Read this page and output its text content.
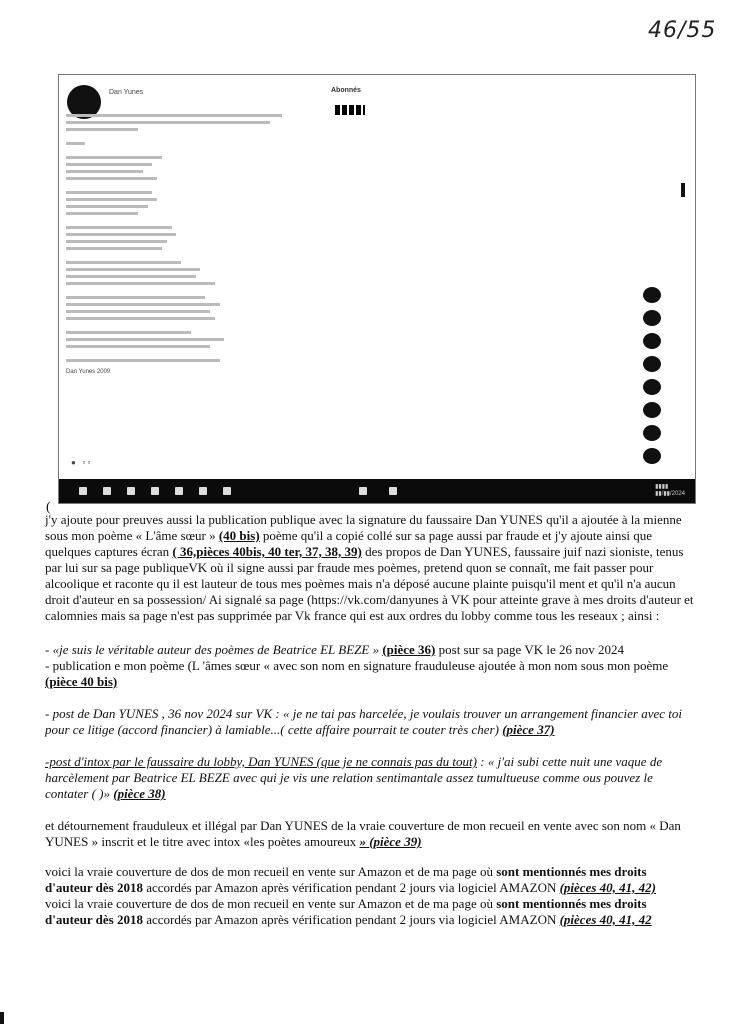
46/55
Dan Yunes	Abonnés
Dan Yunes 2009
●   ▫ ▫
▮▮▮▮
▮▮/▮▮/2024
(

j'y ajoute pour preuves aussi la publication publique avec la signature du faussaire Dan YUNES qu'il a ajoutée à la mienne sous mon poème « L'âme sœur » (40 bis) poème qu'il a copié collé sur sa page aussi par fraude et j'y ajoute ainsi que quelques captures écran ( 36,pièces 40bis, 40 ter, 37, 38, 39) des propos de Dan YUNES, faussaire juif nazi sioniste, tenus par lui sur sa page publiqueVK où il signe aussi par fraude mes poèmes, pretend quon se connaît, me fait passer pour alcoolique et raconte qu il est lauteur de tous mes poèmes mais n'a déposé aucune plainte puisqu'il ment et qu'il n'a aucun droit d'auteur en sa possession/ Ai signalé sa page (https://vk.com/danyunes à VK pour atteinte grave à mes droits d'auteur et calomnies mais sa page n'est pas supprimée par Vk france qui est aux ordres du lobby comme tous les reseaux ; ainsi :

- «je suis le véritable auteur des poèmes de Beatrice EL BEZE » (pièce 36) post sur sa page VK le 26 nov 2024

- publication e mon poème (L 'âmes sœur « avec son nom en signature frauduleuse ajoutée à mon nom sous mon poème (pièce 40 bis)

- post de Dan YUNES , 36 nov 2024 sur VK : « je ne tai pas harcelée, je voulais trouver un arrangement financier avec toi pour ce litige (accord financier) à lamiable...( cette affaire pourrait te couter très cher) (pièce 37)

-post d'intox par le faussaire du lobby, Dan YUNES (que je ne connais pas du tout) : « j'ai subi cette nuit une vaque de harcèlement par Beatrice EL BEZE avec qui je vis une relation sentimantale assez tumultueuse comme ous pouvez le contater ( )» (pièce 38)

et détournement frauduleux et illégal par Dan YUNES de la vraie couverture de mon recueil en vente avec son nom « Dan YUNES » inscrit et le titre avec intox «les poètes amoureux » (pièce 39)

voici la vraie couverture de dos de mon recueil en vente sur Amazon et de ma page où sont mentionnés mes droits d'auteur dès 2018 accordés par Amazon après vérification pendant 2 jours via logiciel AMAZON (pièces 40, 41, 42)

voici la vraie couverture de dos de mon recueil en vente sur Amazon et de ma page où sont mentionnés mes droits d'auteur dès 2018 accordés par Amazon après vérification pendant 2 jours via logiciel AMAZON (pièces 40, 41, 42
